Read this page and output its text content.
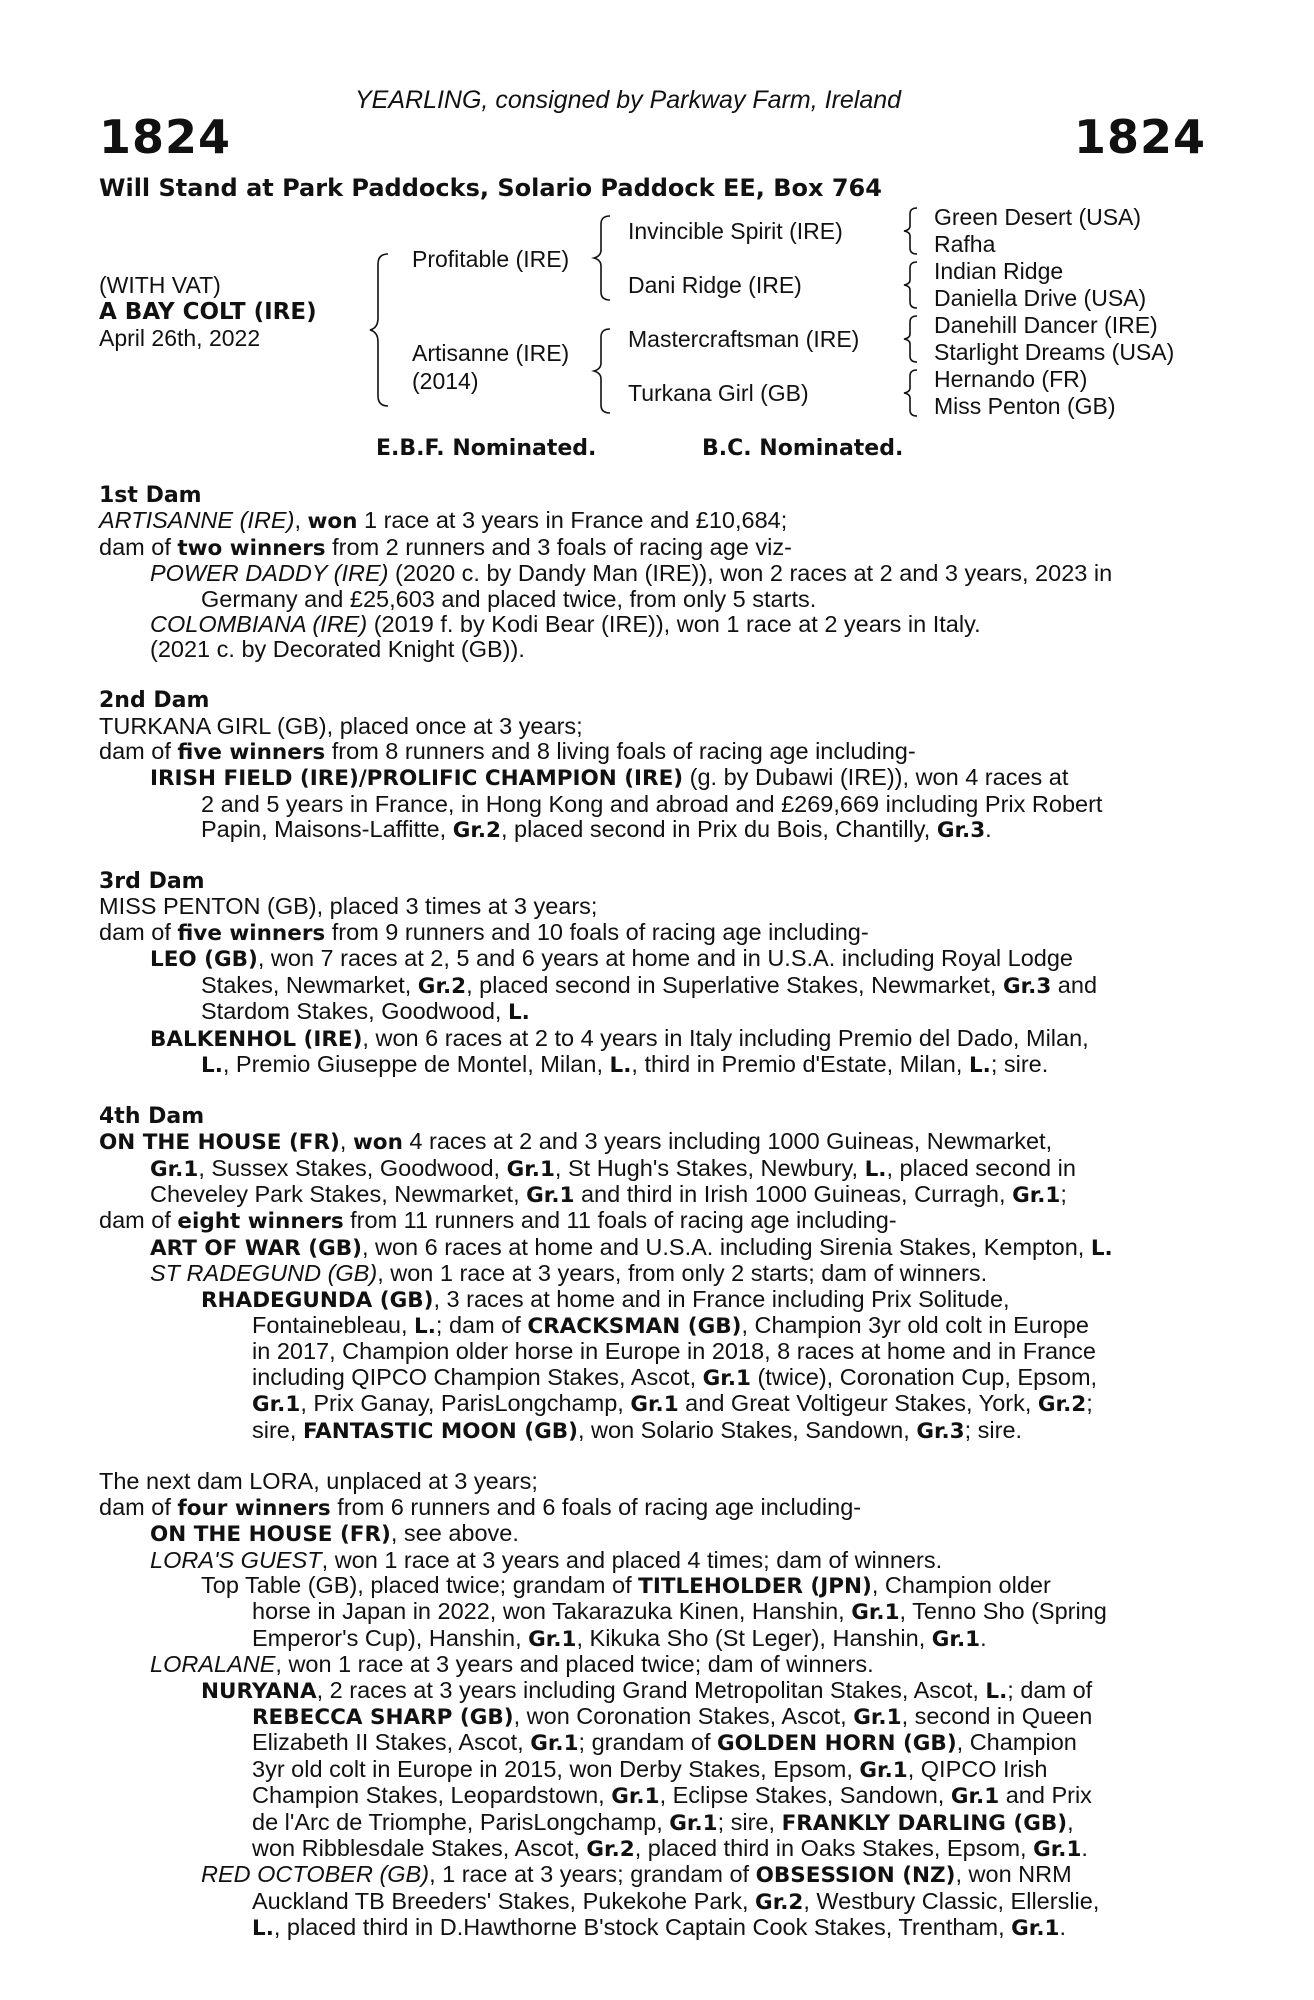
YEARLING, consigned by Parkway Farm, Ireland
1824	1824
Will Stand at Park Paddocks, Solario Paddock EE, Box 764
(WITH VAT)
A BAY COLT (IRE)
April 26th, 2022
Profitable (IRE)
Artisanne (IRE)
(2014)
Invincible Spirit (IRE)
Dani Ridge (IRE)
Mastercraftsman (IRE)
Turkana Girl (GB)
Green Desert (USA)
Rafha
Indian Ridge
Daniella Drive (USA)
Danehill Dancer (IRE)
Starlight Dreams (USA)
Hernando (FR)
Miss Penton (GB)
E.B.F. Nominated.	B.C. Nominated.
1st Dam

ARTISANNE (IRE), won 1 race at 3 years in France and £10,684;

dam of two winners from 2 runners and 3 foals of racing age viz-

POWER DADDY (IRE) (2020 c. by Dandy Man (IRE)), won 2 races at 2 and 3 years, 2023 in

Germany and £25,603 and placed twice, from only 5 starts.

COLOMBIANA (IRE) (2019 f. by Kodi Bear (IRE)), won 1 race at 2 years in Italy.

(2021 c. by Decorated Knight (GB)).

2nd Dam

TURKANA GIRL (GB), placed once at 3 years;

dam of five winners from 8 runners and 8 living foals of racing age including-

IRISH FIELD (IRE)/PROLIFIC CHAMPION (IRE) (g. by Dubawi (IRE)), won 4 races at

2 and 5 years in France, in Hong Kong and abroad and £269,669 including Prix Robert

Papin, Maisons-Laffitte, Gr.2, placed second in Prix du Bois, Chantilly, Gr.3.

3rd Dam

MISS PENTON (GB), placed 3 times at 3 years;

dam of five winners from 9 runners and 10 foals of racing age including-

LEO (GB), won 7 races at 2, 5 and 6 years at home and in U.S.A. including Royal Lodge

Stakes, Newmarket, Gr.2, placed second in Superlative Stakes, Newmarket, Gr.3 and

Stardom Stakes, Goodwood, L.

BALKENHOL (IRE), won 6 races at 2 to 4 years in Italy including Premio del Dado, Milan,

L., Premio Giuseppe de Montel, Milan, L., third in Premio d'Estate, Milan, L.; sire.

4th Dam

ON THE HOUSE (FR), won 4 races at 2 and 3 years including 1000 Guineas, Newmarket,

Gr.1, Sussex Stakes, Goodwood, Gr.1, St Hugh's Stakes, Newbury, L., placed second in

Cheveley Park Stakes, Newmarket, Gr.1 and third in Irish 1000 Guineas, Curragh, Gr.1;

dam of eight winners from 11 runners and 11 foals of racing age including-

ART OF WAR (GB), won 6 races at home and U.S.A. including Sirenia Stakes, Kempton, L.

ST RADEGUND (GB), won 1 race at 3 years, from only 2 starts; dam of winners.

RHADEGUNDA (GB), 3 races at home and in France including Prix Solitude,

Fontainebleau, L.; dam of CRACKSMAN (GB), Champion 3yr old colt in Europe

in 2017, Champion older horse in Europe in 2018, 8 races at home and in France

including QIPCO Champion Stakes, Ascot, Gr.1 (twice), Coronation Cup, Epsom,

Gr.1, Prix Ganay, ParisLongchamp, Gr.1 and Great Voltigeur Stakes, York, Gr.2;

sire, FANTASTIC MOON (GB), won Solario Stakes, Sandown, Gr.3; sire.

The next dam LORA, unplaced at 3 years;

dam of four winners from 6 runners and 6 foals of racing age including-

ON THE HOUSE (FR), see above.

LORA'S GUEST, won 1 race at 3 years and placed 4 times; dam of winners.

Top Table (GB), placed twice; grandam of TITLEHOLDER (JPN), Champion older

horse in Japan in 2022, won Takarazuka Kinen, Hanshin, Gr.1, Tenno Sho (Spring

Emperor's Cup), Hanshin, Gr.1, Kikuka Sho (St Leger), Hanshin, Gr.1.

LORALANE, won 1 race at 3 years and placed twice; dam of winners.

NURYANA, 2 races at 3 years including Grand Metropolitan Stakes, Ascot, L.; dam of

REBECCA SHARP (GB), won Coronation Stakes, Ascot, Gr.1, second in Queen

Elizabeth II Stakes, Ascot, Gr.1; grandam of GOLDEN HORN (GB), Champion

3yr old colt in Europe in 2015, won Derby Stakes, Epsom, Gr.1, QIPCO Irish

Champion Stakes, Leopardstown, Gr.1, Eclipse Stakes, Sandown, Gr.1 and Prix

de l'Arc de Triomphe, ParisLongchamp, Gr.1; sire, FRANKLY DARLING (GB),

won Ribblesdale Stakes, Ascot, Gr.2, placed third in Oaks Stakes, Epsom, Gr.1.

RED OCTOBER (GB), 1 race at 3 years; grandam of OBSESSION (NZ), won NRM

Auckland TB Breeders' Stakes, Pukekohe Park, Gr.2, Westbury Classic, Ellerslie,

L., placed third in D.Hawthorne B'stock Captain Cook Stakes, Trentham, Gr.1.
